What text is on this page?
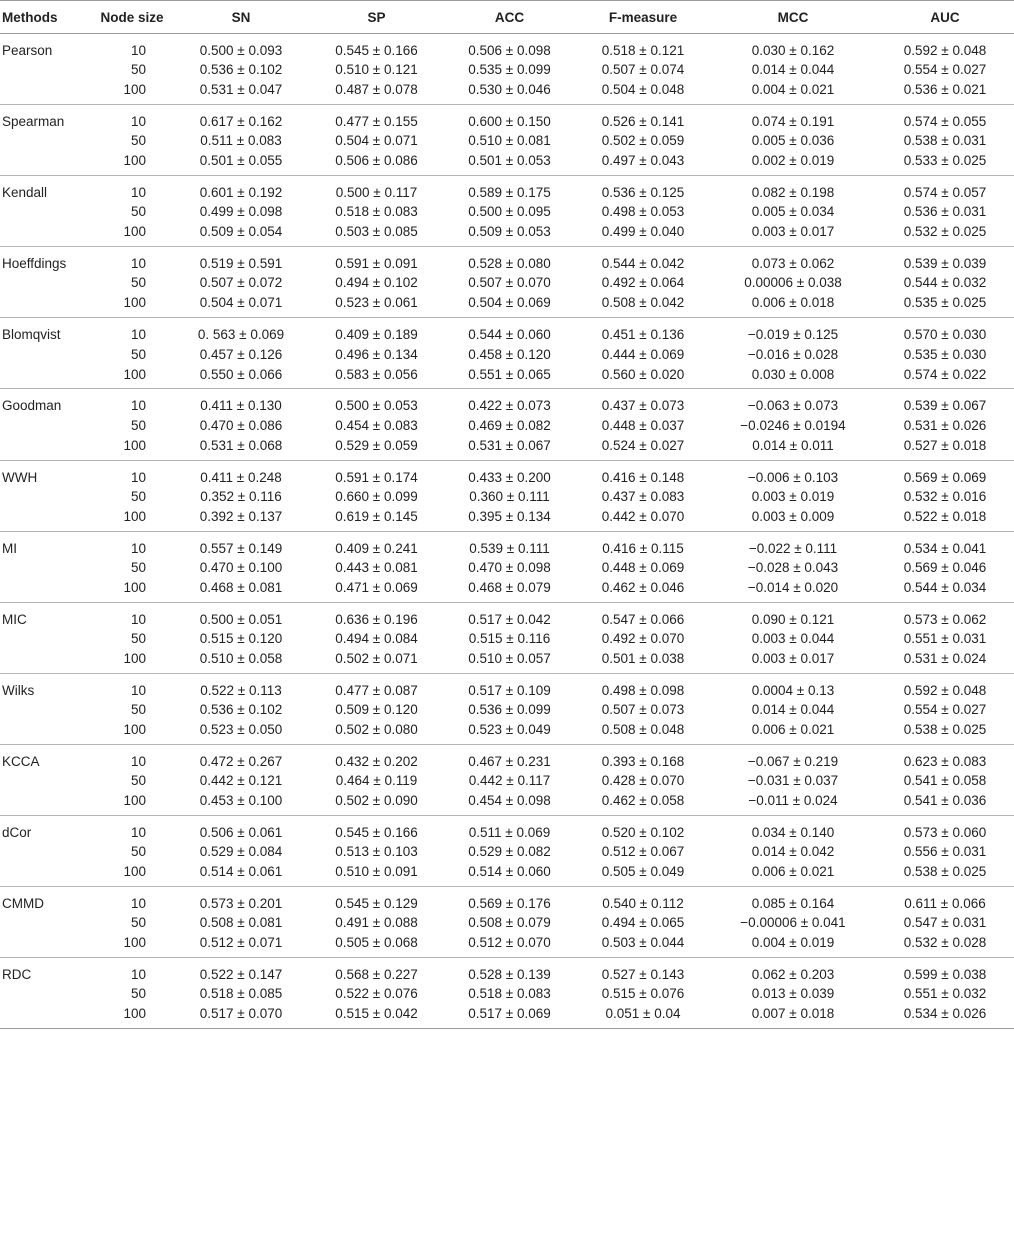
Methods	Node size	SN	SP	ACC	F-measure	MCC	AUC
Pearson	10	0.500 ± 0.093	0.545 ± 0.166	0.506 ± 0.098	0.518 ± 0.121	0.030 ± 0.162	0.592 ± 0.048
	50	0.536 ± 0.102	0.510 ± 0.121	0.535 ± 0.099	0.507 ± 0.074	0.014 ± 0.044	0.554 ± 0.027
	100	0.531 ± 0.047	0.487 ± 0.078	0.530 ± 0.046	0.504 ± 0.048	0.004 ± 0.021	0.536 ± 0.021
Spearman	10	0.617 ± 0.162	0.477 ± 0.155	0.600 ± 0.150	0.526 ± 0.141	0.074 ± 0.191	0.574 ± 0.055
	50	0.511 ± 0.083	0.504 ± 0.071	0.510 ± 0.081	0.502 ± 0.059	0.005 ± 0.036	0.538 ± 0.031
	100	0.501 ± 0.055	0.506 ± 0.086	0.501 ± 0.053	0.497 ± 0.043	0.002 ± 0.019	0.533 ± 0.025
Kendall	10	0.601 ± 0.192	0.500 ± 0.117	0.589 ± 0.175	0.536 ± 0.125	0.082 ± 0.198	0.574 ± 0.057
	50	0.499 ± 0.098	0.518 ± 0.083	0.500 ± 0.095	0.498 ± 0.053	0.005 ± 0.034	0.536 ± 0.031
	100	0.509 ± 0.054	0.503 ± 0.085	0.509 ± 0.053	0.499 ± 0.040	0.003 ± 0.017	0.532 ± 0.025
Hoeffdings	10	0.519 ± 0.591	0.591 ± 0.091	0.528 ± 0.080	0.544 ± 0.042	0.073 ± 0.062	0.539 ± 0.039
	50	0.507 ± 0.072	0.494 ± 0.102	0.507 ± 0.070	0.492 ± 0.064	0.00006 ± 0.038	0.544 ± 0.032
	100	0.504 ± 0.071	0.523 ± 0.061	0.504 ± 0.069	0.508 ± 0.042	0.006 ± 0.018	0.535 ± 0.025
Blomqvist	10	0. 563 ± 0.069	0.409 ± 0.189	0.544 ± 0.060	0.451 ± 0.136	−0.019 ± 0.125	0.570 ± 0.030
	50	0.457 ± 0.126	0.496 ± 0.134	0.458 ± 0.120	0.444 ± 0.069	−0.016 ± 0.028	0.535 ± 0.030
	100	0.550 ± 0.066	0.583 ± 0.056	0.551 ± 0.065	0.560 ± 0.020	0.030 ± 0.008	0.574 ± 0.022
Goodman	10	0.411 ± 0.130	0.500 ± 0.053	0.422 ± 0.073	0.437 ± 0.073	−0.063 ± 0.073	0.539 ± 0.067
	50	0.470 ± 0.086	0.454 ± 0.083	0.469 ± 0.082	0.448 ± 0.037	−0.0246 ± 0.0194	0.531 ± 0.026
	100	0.531 ± 0.068	0.529 ± 0.059	0.531 ± 0.067	0.524 ± 0.027	0.014 ± 0.011	0.527 ± 0.018
WWH	10	0.411 ± 0.248	0.591 ± 0.174	0.433 ± 0.200	0.416 ± 0.148	−0.006 ± 0.103	0.569 ± 0.069
	50	0.352 ± 0.116	0.660 ± 0.099	0.360 ± 0.111	0.437 ± 0.083	0.003 ± 0.019	0.532 ± 0.016
	100	0.392 ± 0.137	0.619 ± 0.145	0.395 ± 0.134	0.442 ± 0.070	0.003 ± 0.009	0.522 ± 0.018
MI	10	0.557 ± 0.149	0.409 ± 0.241	0.539 ± 0.111	0.416 ± 0.115	−0.022 ± 0.111	0.534 ± 0.041
	50	0.470 ± 0.100	0.443 ± 0.081	0.470 ± 0.098	0.448 ± 0.069	−0.028 ± 0.043	0.569 ± 0.046
	100	0.468 ± 0.081	0.471 ± 0.069	0.468 ± 0.079	0.462 ± 0.046	−0.014 ± 0.020	0.544 ± 0.034
MIC	10	0.500 ± 0.051	0.636 ± 0.196	0.517 ± 0.042	0.547 ± 0.066	0.090 ± 0.121	0.573 ± 0.062
	50	0.515 ± 0.120	0.494 ± 0.084	0.515 ± 0.116	0.492 ± 0.070	0.003 ± 0.044	0.551 ± 0.031
	100	0.510 ± 0.058	0.502 ± 0.071	0.510 ± 0.057	0.501 ± 0.038	0.003 ± 0.017	0.531 ± 0.024
Wilks	10	0.522 ± 0.113	0.477 ± 0.087	0.517 ± 0.109	0.498 ± 0.098	0.0004 ± 0.13	0.592 ± 0.048
	50	0.536 ± 0.102	0.509 ± 0.120	0.536 ± 0.099	0.507 ± 0.073	0.014 ± 0.044	0.554 ± 0.027
	100	0.523 ± 0.050	0.502 ± 0.080	0.523 ± 0.049	0.508 ± 0.048	0.006 ± 0.021	0.538 ± 0.025
KCCA	10	0.472 ± 0.267	0.432 ± 0.202	0.467 ± 0.231	0.393 ± 0.168	−0.067 ± 0.219	0.623 ± 0.083
	50	0.442 ± 0.121	0.464 ± 0.119	0.442 ± 0.117	0.428 ± 0.070	−0.031 ± 0.037	0.541 ± 0.058
	100	0.453 ± 0.100	0.502 ± 0.090	0.454 ± 0.098	0.462 ± 0.058	−0.011 ± 0.024	0.541 ± 0.036
dCor	10	0.506 ± 0.061	0.545 ± 0.166	0.511 ± 0.069	0.520 ± 0.102	0.034 ± 0.140	0.573 ± 0.060
	50	0.529 ± 0.084	0.513 ± 0.103	0.529 ± 0.082	0.512 ± 0.067	0.014 ± 0.042	0.556 ± 0.031
	100	0.514 ± 0.061	0.510 ± 0.091	0.514 ± 0.060	0.505 ± 0.049	0.006 ± 0.021	0.538 ± 0.025
CMMD	10	0.573 ± 0.201	0.545 ± 0.129	0.569 ± 0.176	0.540 ± 0.112	0.085 ± 0.164	0.611 ± 0.066
	50	0.508 ± 0.081	0.491 ± 0.088	0.508 ± 0.079	0.494 ± 0.065	−0.00006 ± 0.041	0.547 ± 0.031
	100	0.512 ± 0.071	0.505 ± 0.068	0.512 ± 0.070	0.503 ± 0.044	0.004 ± 0.019	0.532 ± 0.028
RDC	10	0.522 ± 0.147	0.568 ± 0.227	0.528 ± 0.139	0.527 ± 0.143	0.062 ± 0.203	0.599 ± 0.038
	50	0.518 ± 0.085	0.522 ± 0.076	0.518 ± 0.083	0.515 ± 0.076	0.013 ± 0.039	0.551 ± 0.032
	100	0.517 ± 0.070	0.515 ± 0.042	0.517 ± 0.069	0.051 ± 0.04	0.007 ± 0.018	0.534 ± 0.026
